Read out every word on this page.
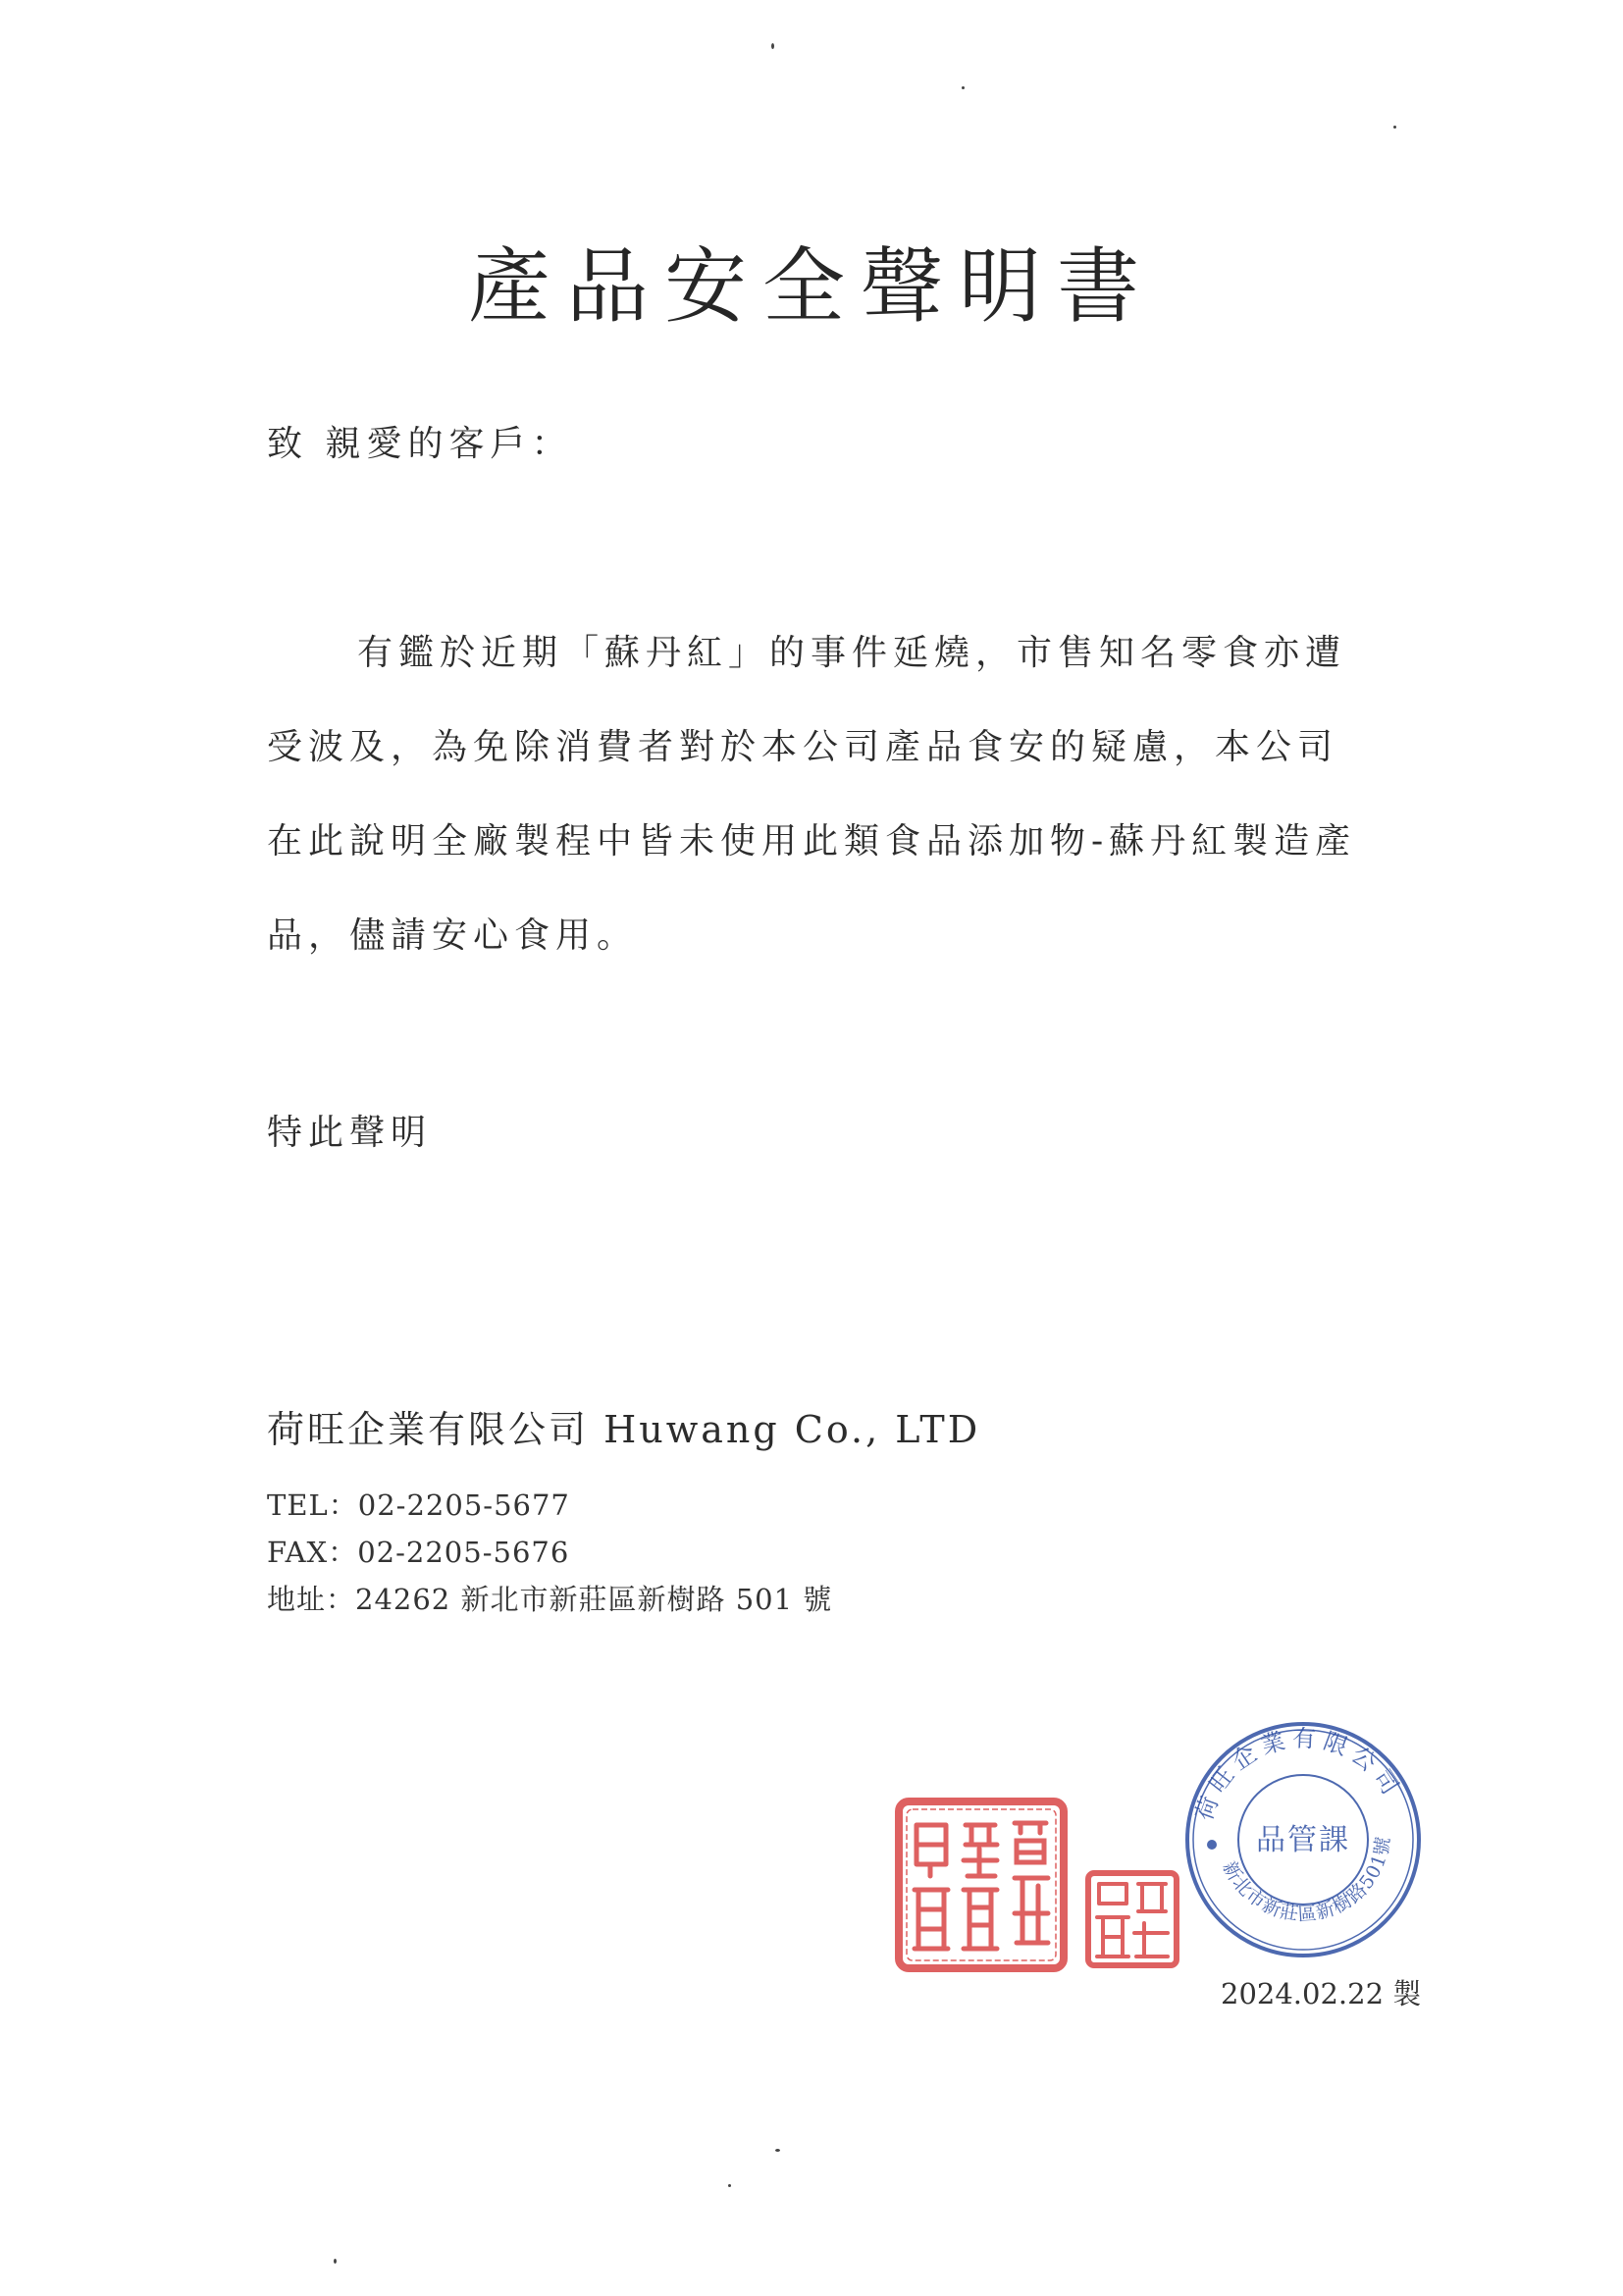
產品安全聲明書
致 親愛的客戶：

有鑑於近期「蘇丹紅」的事件延燒，市售知名零食亦遭受波及，為免除消費者對於本公司產品食安的疑慮，本公司在此說明全廠製程中皆未使用此類食品添加物-蘇丹紅製造產品，儘請安心食用。

特此聲明
荷旺企業有限公司 Huwang Co., LTD
TEL：02-2205-5677
FAX：02-2205-5676
地址：24262 新北市新莊區新樹路 501 號
荷旺企業有限公司
新北市新莊區新樹路501號
品管課
2024.02.22 製
